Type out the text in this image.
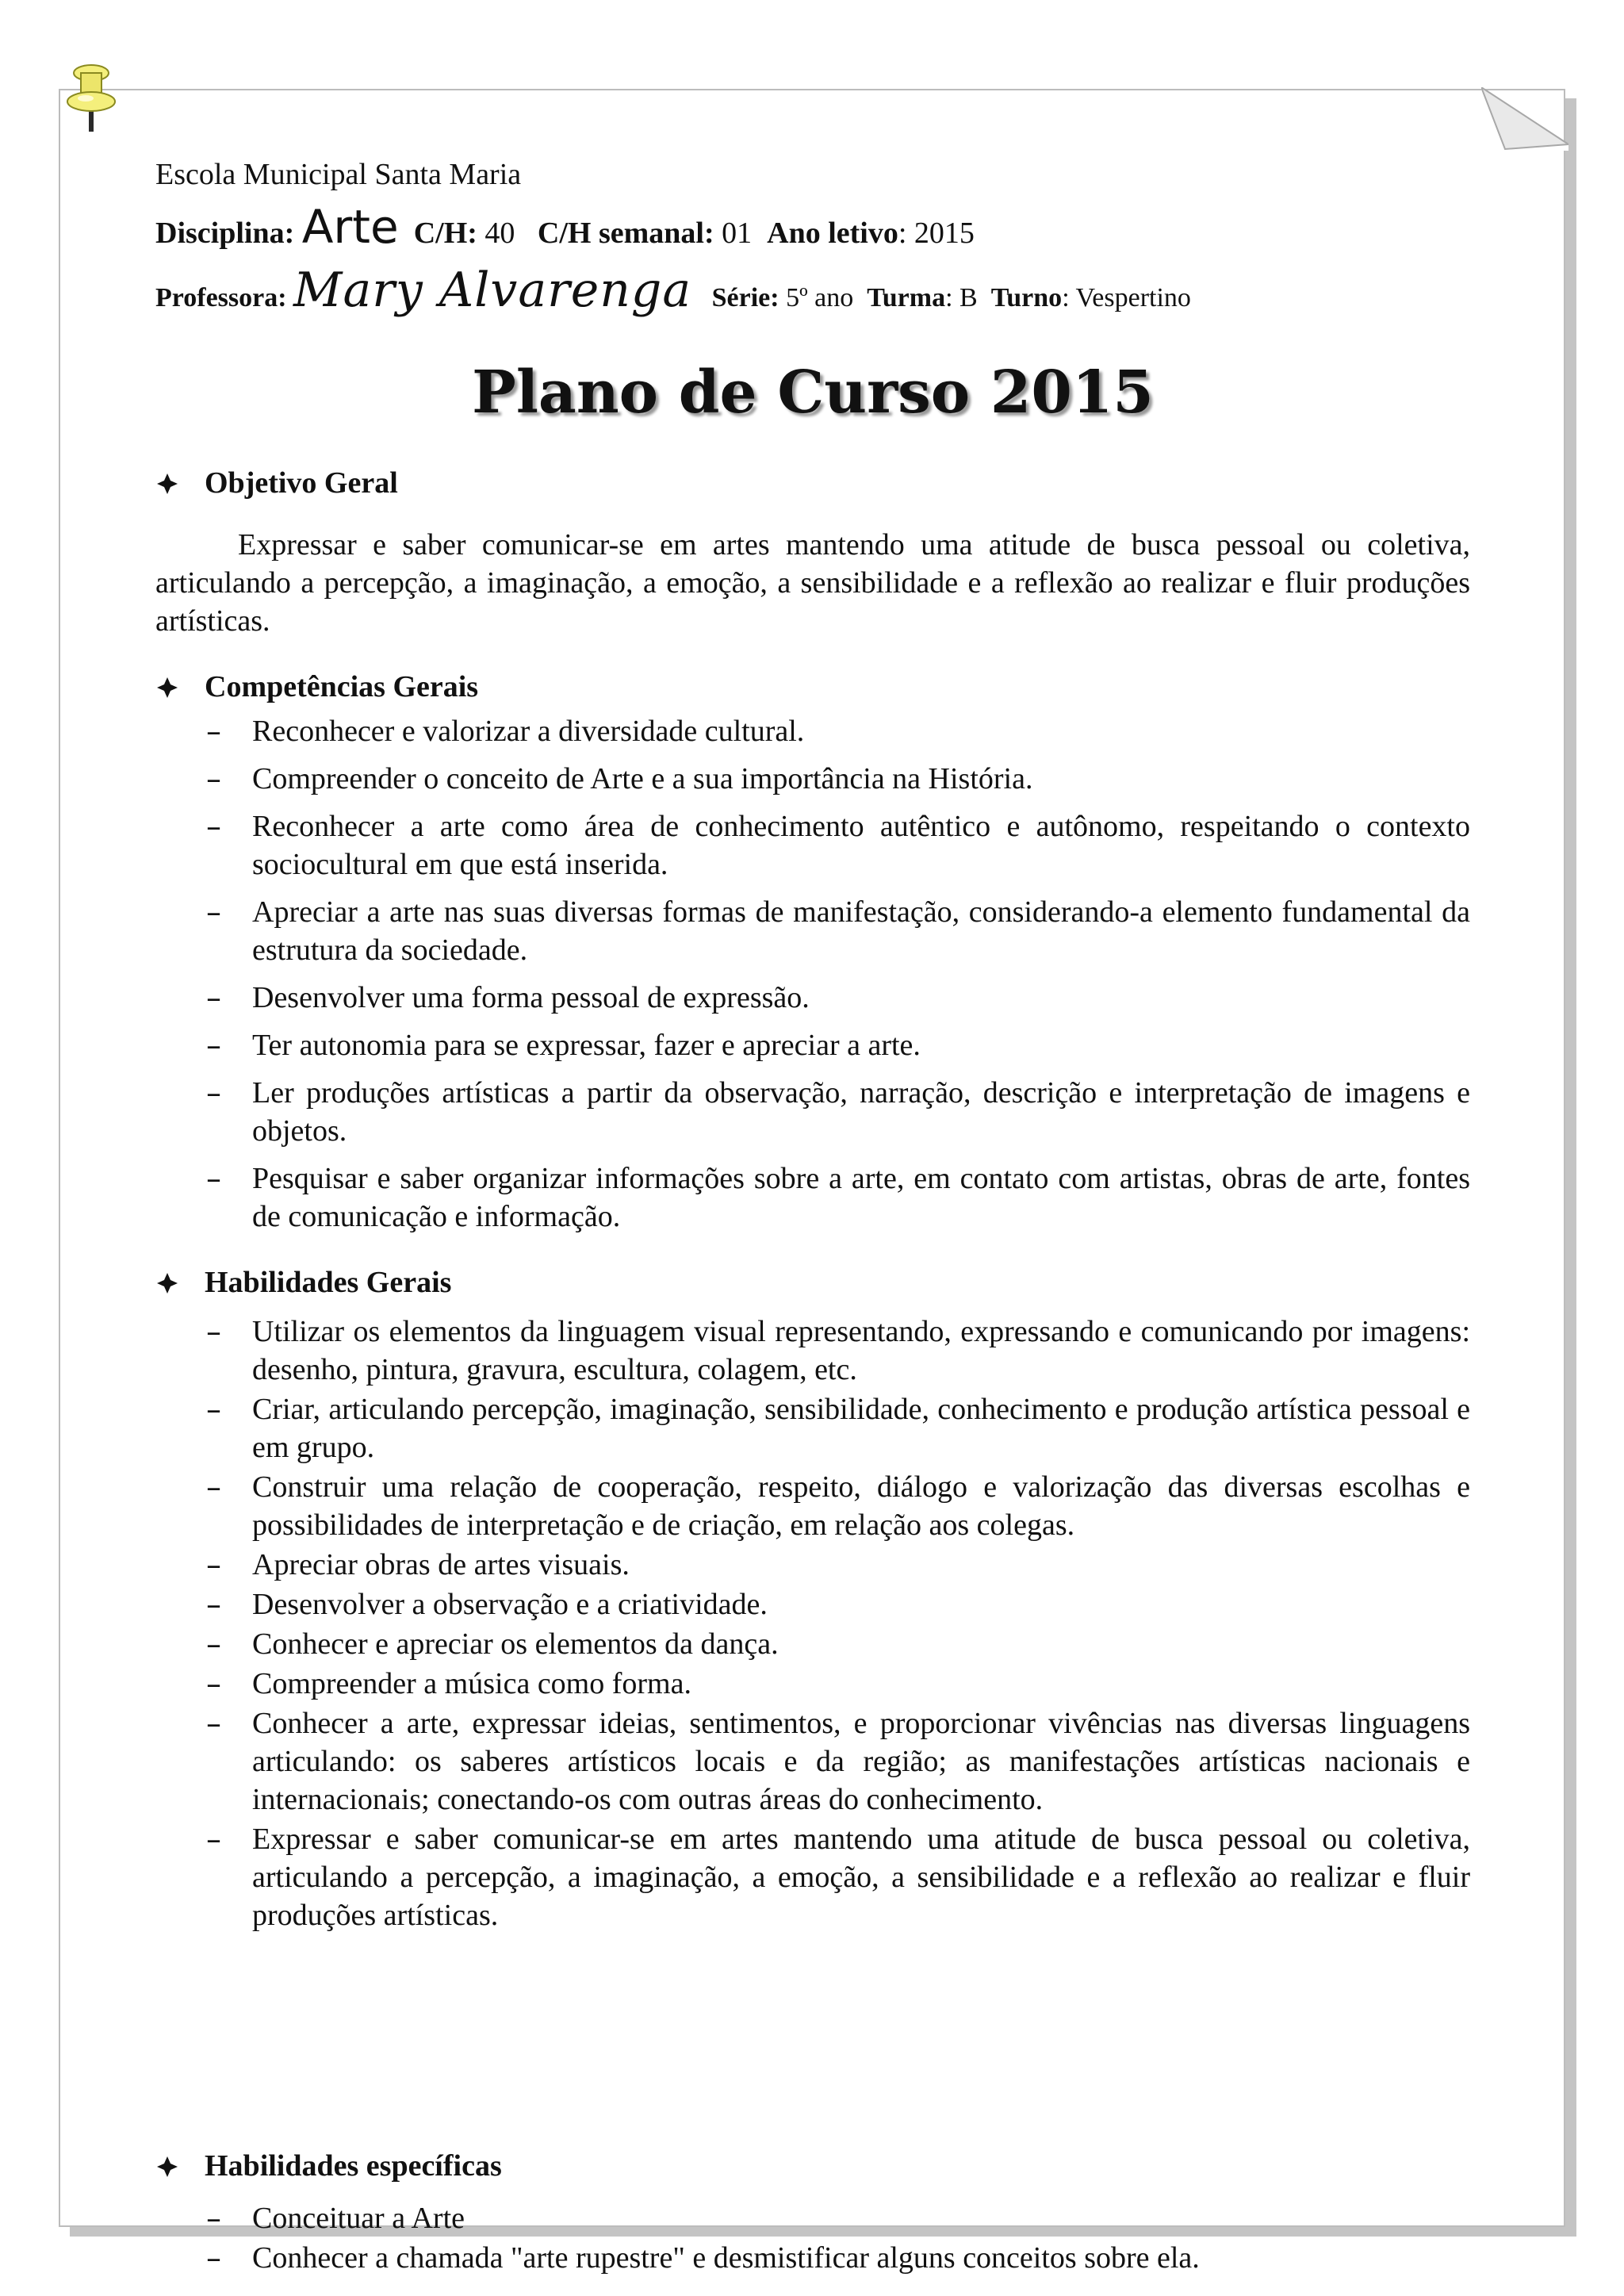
Escola Municipal Santa Maria
Disciplina: Arte C/H: 40 C/H semanal: 01 Ano letivo: 2015
Professora: Mary Alvarenga Série: 5º ano Turma: B Turno: Vespertino
Plano de Curso 2015
Objetivo Geral
Expressar e saber comunicar-se em artes mantendo uma atitude de busca pessoal ou coletiva, articulando a percepção, a imaginação, a emoção, a sensibilidade e a reflexão ao realizar e fluir produções artísticas.
Competências Gerais
– Reconhecer e valorizar a diversidade cultural.
– Compreender o conceito de Arte e a sua importância na História.
– Reconhecer a arte como área de conhecimento autêntico e autônomo, respeitando o contexto sociocultural em que está inserida.
– Apreciar a arte nas suas diversas formas de manifestação, considerando-a elemento fundamental da estrutura da sociedade.
– Desenvolver uma forma pessoal de expressão.
– Ter autonomia para se expressar, fazer e apreciar a arte.
– Ler produções artísticas a partir da observação, narração, descrição e interpretação de imagens e objetos.
– Pesquisar e saber organizar informações sobre a arte, em contato com artistas, obras de arte, fontes de comunicação e informação.
Habilidades Gerais
– Utilizar os elementos da linguagem visual representando, expressando e comunicando por imagens: desenho, pintura, gravura, escultura, colagem, etc.
– Criar, articulando percepção, imaginação, sensibilidade, conhecimento e produção artística pessoal e em grupo.
– Construir uma relação de cooperação, respeito, diálogo e valorização das diversas escolhas e possibilidades de interpretação e de criação, em relação aos colegas.
– Apreciar obras de artes visuais.
– Desenvolver a observação e a criatividade.
– Conhecer e apreciar os elementos da dança.
– Compreender a música como forma.
– Conhecer a arte, expressar ideias, sentimentos, e proporcionar vivências nas diversas linguagens articulando: os saberes artísticos locais e da região; as manifestações artísticas nacionais e internacionais; conectando-os com outras áreas do conhecimento.
– Expressar e saber comunicar-se em artes mantendo uma atitude de busca pessoal ou coletiva, articulando a percepção, a imaginação, a emoção, a sensibilidade e a reflexão ao realizar e fluir produções artísticas.
Habilidades específicas
– Conceituar a Arte
– Conhecer a chamada "arte rupestre" e desmistificar alguns conceitos sobre ela.
